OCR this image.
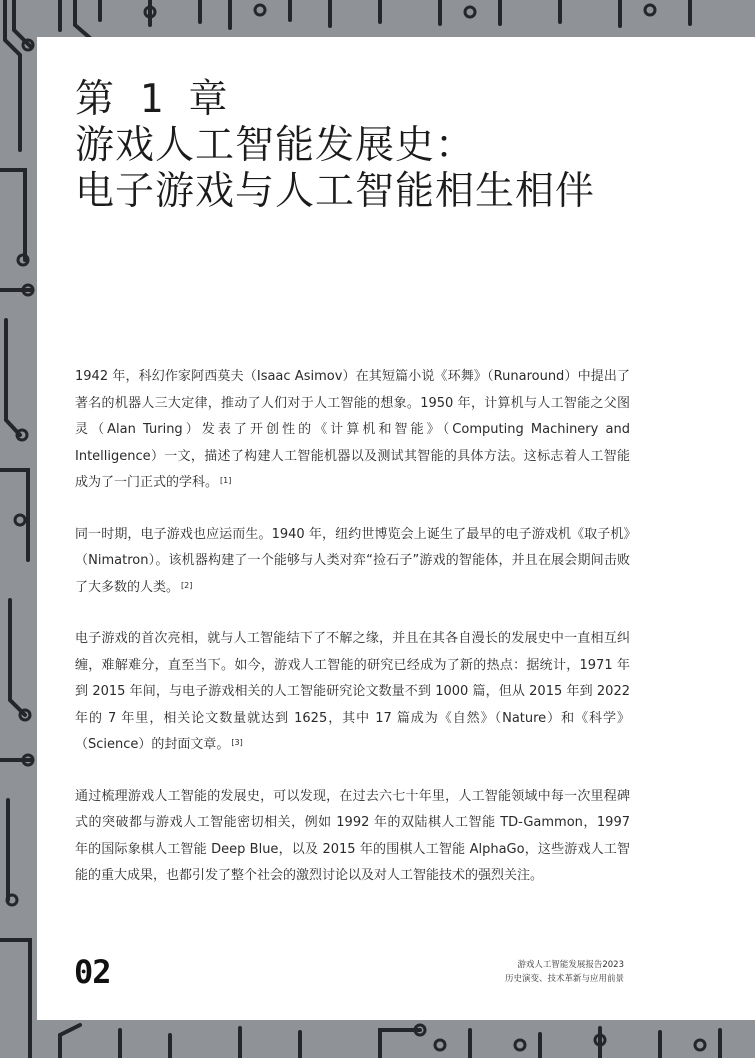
第 1 章
游戏人工智能发展史：
电子游戏与人工智能相生相伴

1942 年，科幻作家阿西莫夫（Isaac Asimov）在其短篇小说《环舞》（Runaround）中提出了著名的机器人三大定律，推动了人们对于人工智能的想象。1950 年，计算机与人工智能之父图灵（Alan Turing）发表了开创性的《计算机和智能》（Computing Machinery and Intelligence）一文，描述了构建人工智能机器以及测试其智能的具体方法。这标志着人工智能成为了一门正式的学科。 [1]

同一时期，电子游戏也应运而生。1940 年，纽约世博览会上诞生了最早的电子游戏机《取子机》（Nimatron）。该机器构建了一个能够与人类对弈“捡石子”游戏的智能体，并且在展会期间击败了大多数的人类。 [2]

电子游戏的首次亮相，就与人工智能结下了不解之缘，并且在其各自漫长的发展史中一直相互纠缠，难解难分，直至当下。如今，游戏人工智能的研究已经成为了新的热点：据统计，1971 年到 2015 年间，与电子游戏相关的人工智能研究论文数量不到 1000 篇，但从 2015 年到 2022 年的 7 年里，相关论文数量就达到 1625，其中 17 篇成为《自然》（Nature）和《科学》（Science）的封面文章。 [3]

通过梳理游戏人工智能的发展史，可以发现，在过去六七十年里，人工智能领域中每一次里程碑式的突破都与游戏人工智能密切相关，例如 1992 年的双陆棋人工智能 TD-Gammon，1997 年的国际象棋人工智能 Deep Blue，以及 2015 年的围棋人工智能 AlphaGo，这些游戏人工智能的重大成果，也都引发了整个社会的激烈讨论以及对人工智能技术的强烈关注。

02	游戏人工智能发展报告2023
历史演变、技术革新与应用前景
